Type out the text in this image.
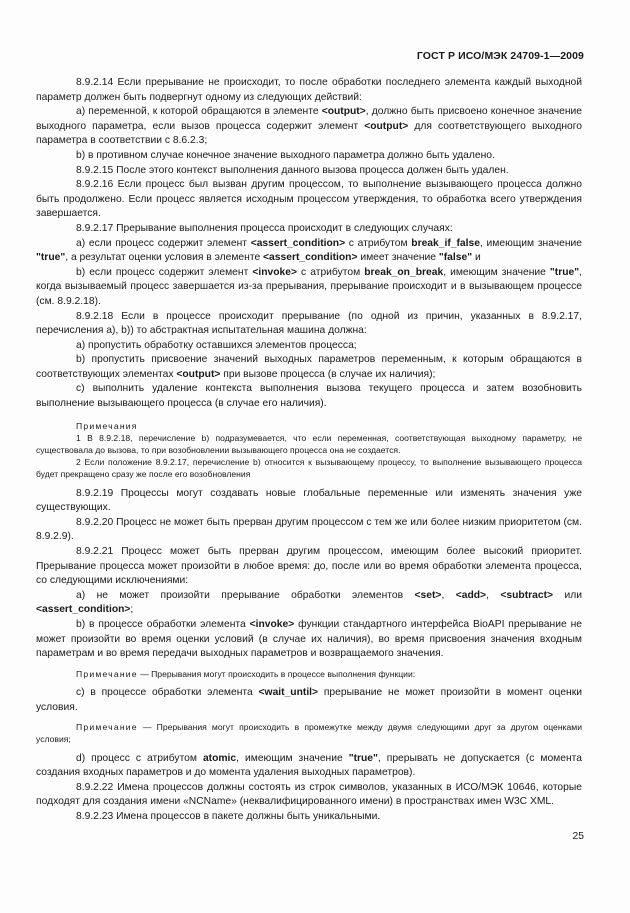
ГОСТ Р ИСО/МЭК 24709-1—2009

8.9.2.14 Если прерывание не происходит, то после обработки последнего элемента каждый выходной параметр должен быть подвергнут одному из следующих действий:

а) переменной, к которой обращаются в элементе <output>, должно быть присвоено конечное значение выходного параметра, если вызов процесса содержит элемент <output> для соответствующего выходного параметра в соответствии с 8.6.2.3;

b) в противном случае конечное значение выходного параметра должно быть удалено.

8.9.2.15 После этого контекст выполнения данного вызова процесса должен быть удален.

8.9.2.16 Если процесс был вызван другим процессом, то выполнение вызывающего процесса должно быть продолжено. Если процесс является исходным процессом утверждения, то обработка всего утверждения завершается.

8.9.2.17 Прерывание выполнения процесса происходит в следующих случаях:

а) если процесс содержит элемент <assert_condition> с атрибутом break_if_false, имеющим значение "true", а результат оценки условия в элементе <assert_condition> имеет значение "false" и

b) если процесс содержит элемент <invoke> с атрибутом break_on_break, имеющим значение "true", когда вызываемый процесс завершается из-за прерывания, прерывание происходит и в вызывающем процессе (см. 8.9.2.18).

8.9.2.18 Если в процессе происходит прерывание (по одной из причин, указанных в 8.9.2.17, перечисления а), b)) то абстрактная испытательная машина должна:

а) пропустить обработку оставшихся элементов процесса;

b) пропустить присвоение значений выходных параметров переменным, к которым обращаются в соответствующих элементах <output> при вызове процесса (в случае их наличия);

с) выполнить удаление контекста выполнения вызова текущего процесса и затем возобновить выполнение вызывающего процесса (в случае его наличия).

Примечания

1 В 8.9.2.18, перечисление b) подразумевается, что если переменная, соответствующая выходному параметру, не существовала до вызова, то при возобновлении вызывающего процесса она не создается.

2 Если положение 8.9.2.17, перечисление b) относится к вызывающему процессу, то выполнение вызывающего процесса будет прекращено сразу же после его возобновления

8.9.2.19 Процессы могут создавать новые глобальные переменные или изменять значения уже существующих.

8.9.2.20 Процесс не может быть прерван другим процессом с тем же или более низким приоритетом (см. 8.9.2.9).

8.9.2.21 Процесс может быть прерван другим процессом, имеющим более высокий приоритет. Прерывание процесса может произойти в любое время: до, после или во время обработки элемента процесса, со следующими исключениями:

а) не может произойти прерывание обработки элементов <set>, <add>, <subtract> или <assert_condition>;

b) в процессе обработки элемента <invoke> функции стандартного интерфейса BioAPI прерывание не может произойти во время оценки условий (в случае их наличия), во время присвоения значения входным параметрам и во время передачи выходных параметров и возвращаемого значения.

Примечание — Прерывания могут происходить в процессе выполнения функции:

с) в процессе обработки элемента <wait_until> прерывание не может произойти в момент оценки условия.

Примечание — Прерывания могут происходить в промежутке между двумя следующими друг за другом оценками условия;

d) процесс с атрибутом atomic, имеющим значение "true", прерывать не допускается (с момента создания входных параметров и до момента удаления выходных параметров).

8.9.2.22 Имена процессов должны состоять из строк символов, указанных в ИСО/МЭК 10646, которые подходят для создания имени «NCName» (неквалифицированного имени) в пространствах имен W3C XML.

8.9.2.23 Имена процессов в пакете должны быть уникальными.

25
